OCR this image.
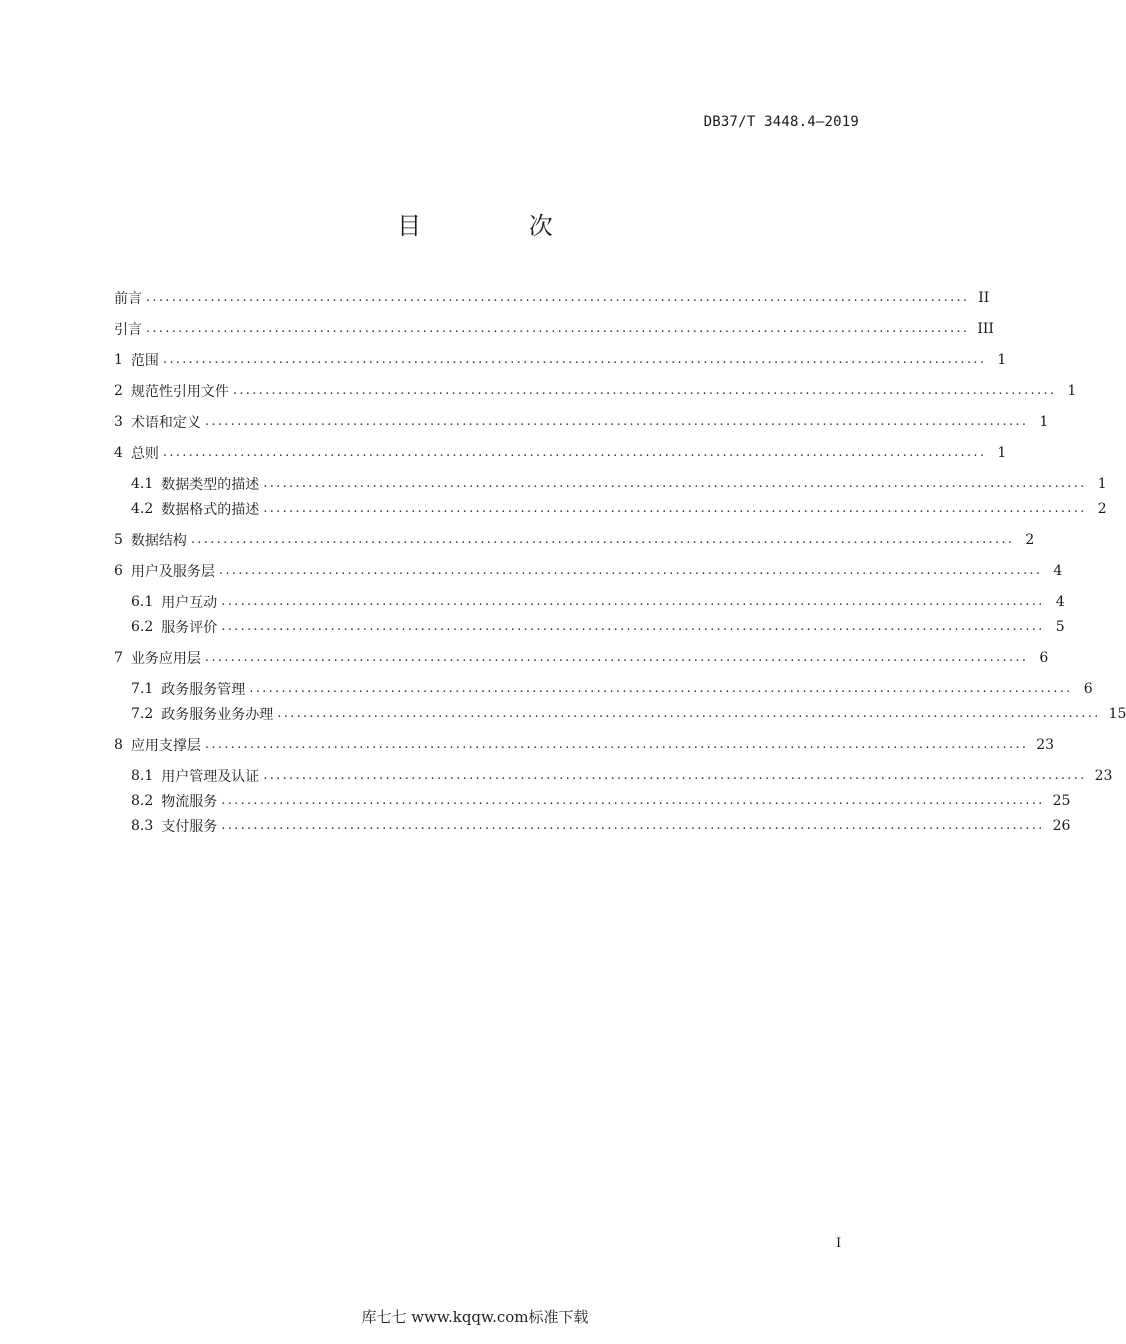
DB37/T 3448.4—2019
目 次
前言 ................................................................................................................................ II
引言 ................................................................................................................................ III
1 范围 ................................................................................................................................ 1
2 规范性引用文件 ................................................................................................................................ 1
3 术语和定义 ................................................................................................................................ 1
4 总则 ................................................................................................................................ 1
4.1 数据类型的描述 ................................................................................................................................ 1
4.2 数据格式的描述 ................................................................................................................................ 2
5 数据结构 ................................................................................................................................ 2
6 用户及服务层 ................................................................................................................................ 4
6.1 用户互动 ................................................................................................................................ 4
6.2 服务评价 ................................................................................................................................ 5
7 业务应用层 ................................................................................................................................ 6
7.1 政务服务管理 ................................................................................................................................ 6
7.2 政务服务业务办理 ................................................................................................................................ 15
8 应用支撑层 ................................................................................................................................ 23
8.1 用户管理及认证 ................................................................................................................................ 23
8.2 物流服务 ................................................................................................................................ 25
8.3 支付服务 ................................................................................................................................ 26
I
库七七 www.kqqw.com标准下载
